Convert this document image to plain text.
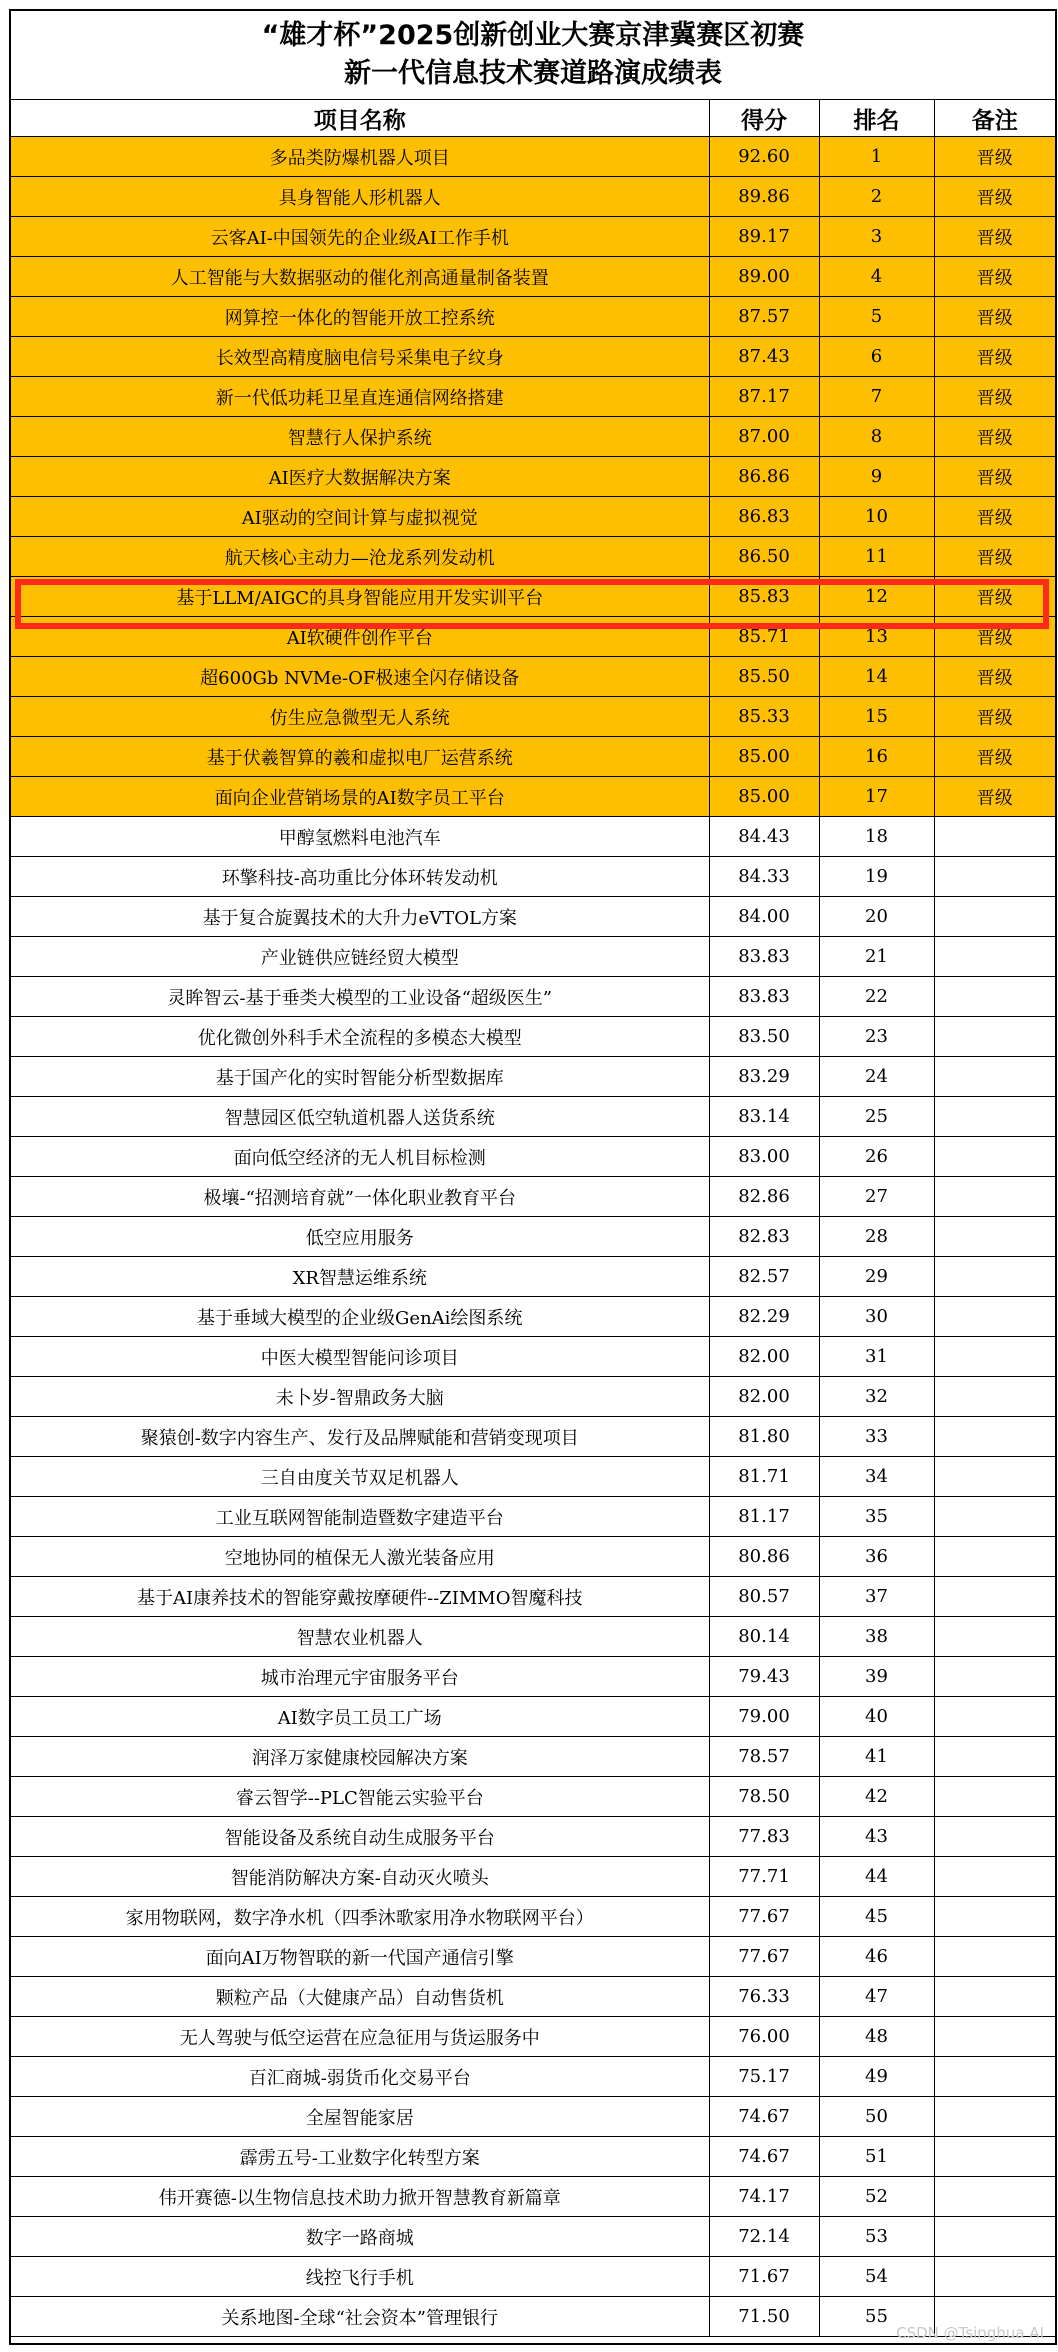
“雄才杯”2025创新创业大赛京津冀赛区初赛
新一代信息技术赛道路演成绩表
项目名称	得分	排名	备注
多品类防爆机器人项目	92.60	1	晋级
具身智能人形机器人	89.86	2	晋级
云客AI-中国领先的企业级AI工作手机	89.17	3	晋级
人工智能与大数据驱动的催化剂高通量制备装置	89.00	4	晋级
网算控一体化的智能开放工控系统	87.57	5	晋级
长效型高精度脑电信号采集电子纹身	87.43	6	晋级
新一代低功耗卫星直连通信网络搭建	87.17	7	晋级
智慧行人保护系统	87.00	8	晋级
AI医疗大数据解决方案	86.86	9	晋级
AI驱动的空间计算与虚拟视觉	86.83	10	晋级
航天核心主动力—沧龙系列发动机	86.50	11	晋级
基于LLM/AIGC的具身智能应用开发实训平台	85.83	12	晋级
AI软硬件创作平台	85.71	13	晋级
超600Gb NVMe-OF极速全闪存储设备	85.50	14	晋级
仿生应急微型无人系统	85.33	15	晋级
基于伏羲智算的羲和虚拟电厂运营系统	85.00	16	晋级
面向企业营销场景的AI数字员工平台	85.00	17	晋级
甲醇氢燃料电池汽车	84.43	18	
环擎科技-高功重比分体环转发动机	84.33	19	
基于复合旋翼技术的大升力eVTOL方案	84.00	20	
产业链供应链经贸大模型	83.83	21	
灵眸智云-基于垂类大模型的工业设备“超级医生”	83.83	22	
优化微创外科手术全流程的多模态大模型	83.50	23	
基于国产化的实时智能分析型数据库	83.29	24	
智慧园区低空轨道机器人送货系统	83.14	25	
面向低空经济的无人机目标检测	83.00	26	
极壤-“招测培育就”一体化职业教育平台	82.86	27	
低空应用服务	82.83	28	
XR智慧运维系统	82.57	29	
基于垂域大模型的企业级GenAi绘图系统	82.29	30	
中医大模型智能问诊项目	82.00	31	
未卜岁-智鼎政务大脑	82.00	32	
聚猿创-数字内容生产、发行及品牌赋能和营销变现项目	81.80	33	
三自由度关节双足机器人	81.71	34	
工业互联网智能制造暨数字建造平台	81.17	35	
空地协同的植保无人激光装备应用	80.86	36	
基于AI康养技术的智能穿戴按摩硬件--ZIMMO智魔科技	80.57	37	
智慧农业机器人	80.14	38	
城市治理元宇宙服务平台	79.43	39	
AI数字员工员工广场	79.00	40	
润泽万家健康校园解决方案	78.57	41	
睿云智学--PLC智能云实验平台	78.50	42	
智能设备及系统自动生成服务平台	77.83	43	
智能消防解决方案-自动灭火喷头	77.71	44	
家用物联网，数字净水机（四季沐歌家用净水物联网平台）	77.67	45	
面向AI万物智联的新一代国产通信引擎	77.67	46	
颗粒产品（大健康产品）自动售货机	76.33	47	
无人驾驶与低空运营在应急征用与货运服务中	76.00	48	
百汇商城-弱货币化交易平台	75.17	49	
全屋智能家居	74.67	50	
霹雳五号-工业数字化转型方案	74.67	51	
伟开赛德-以生物信息技术助力掀开智慧教育新篇章	74.17	52	
数字一路商城	72.14	53	
线控飞行手机	71.67	54	
关系地图-全球“社会资本”管理银行	71.50	55	
CSDN @Tsinghua AI
